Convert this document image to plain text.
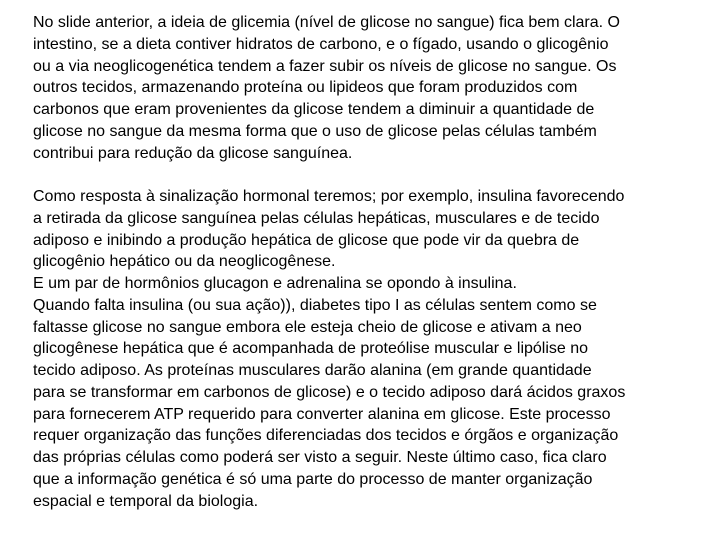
No slide anterior, a ideia de glicemia (nível de glicose no sangue) fica bem clara. O
intestino, se a dieta contiver hidratos de carbono, e o fígado, usando o glicogênio
ou a via neoglicogenética tendem a fazer subir os níveis de glicose no sangue. Os
outros tecidos, armazenando proteína ou lipideos que foram produzidos com
carbonos que eram provenientes da glicose tendem a diminuir a quantidade de
glicose no sangue da mesma forma que o uso de glicose pelas células também
contribui para redução da glicose sanguínea.
Como resposta à sinalização hormonal teremos; por exemplo, insulina favorecendo
a retirada da glicose sanguínea pelas células hepáticas, musculares e de tecido
adiposo e inibindo a produção hepática de glicose que pode vir da quebra de
glicogênio hepático ou da neoglicogênese.
E um par de hormônios glucagon e adrenalina se opondo à insulina.
Quando falta insulina (ou sua ação)), diabetes tipo I as células sentem como se
faltasse glicose no sangue embora ele esteja cheio de glicose e ativam a neo
glicogênese hepática que é acompanhada de proteólise muscular e lipólise no
tecido adiposo. As proteínas musculares darão alanina (em grande quantidade
para se transformar em carbonos de glicose) e o tecido adiposo dará ácidos graxos
para fornecerem ATP requerido para converter alanina em glicose. Este processo
requer organização das funções diferenciadas dos tecidos e órgãos e organização
das próprias células como poderá ser visto a seguir. Neste último caso, fica claro
que a informação genética é só uma parte do processo de manter organização
espacial e temporal da biologia.
